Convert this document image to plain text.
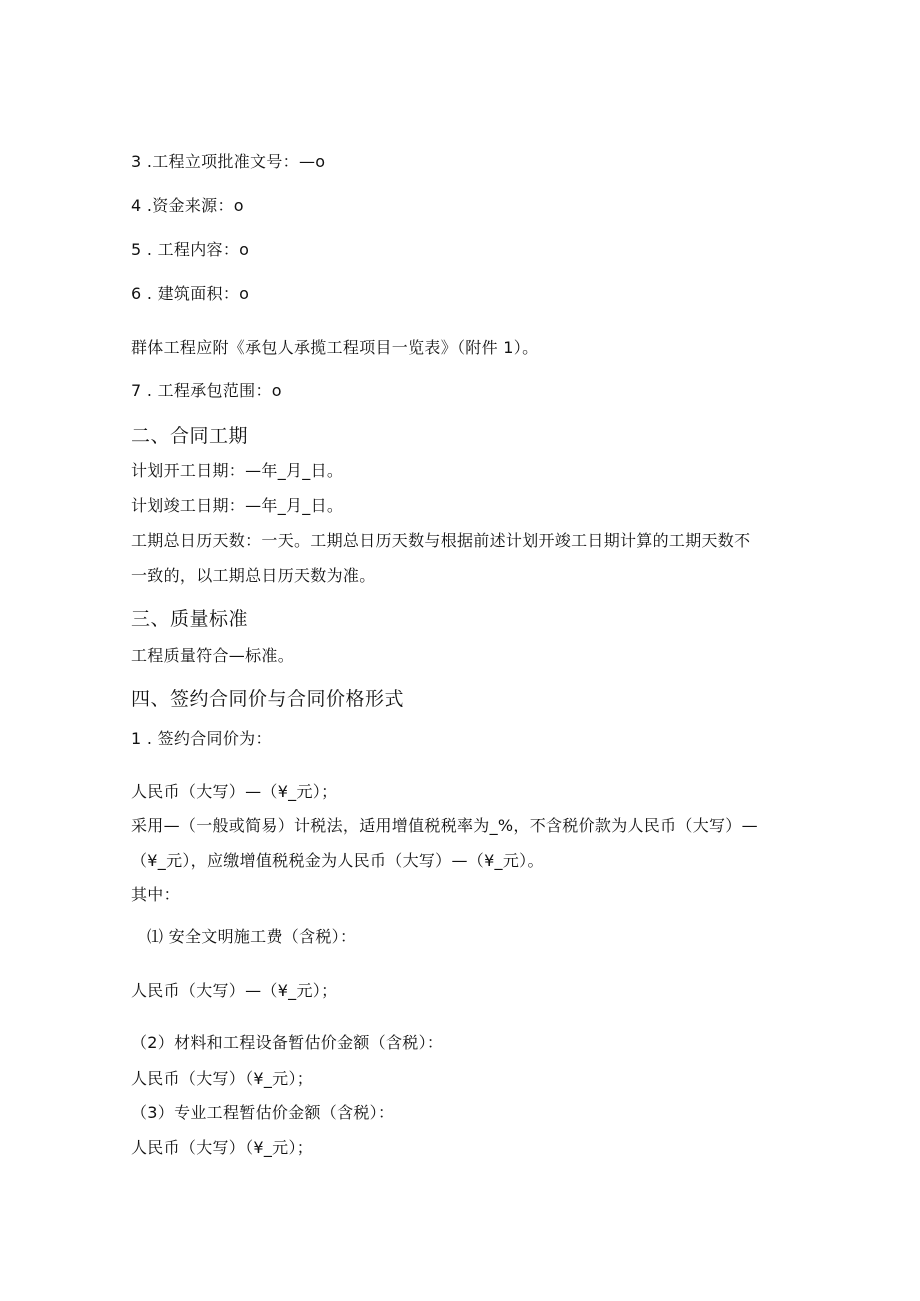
3 .工程立项批准文号：—o
4 .资金来源：o
5 . 工程内容：o
6 . 建筑面积：o
群体工程应附《承包人承揽工程项目一览表》（附件 1）。
7 . 工程承包范围：o
二、合同工期
计划开工日期：—年_月_日。
计划竣工日期：—年_月_日。
工期总日历天数：一天。工期总日历天数与根据前述计划开竣工日期计算的工期天数不
一致的，以工期总日历天数为准。
三、质量标准
工程质量符合—标准。
四、签约合同价与合同价格形式
1 . 签约合同价为：
人民币（大写）—（¥_元）；
采用—（一般或简易）计税法，适用增值税税率为_%，不含税价款为人民币（大写）—
（¥_元），应缴增值税税金为人民币（大写）—（¥_元）。
其中：
⑴ 安全文明施工费（含税）：
人民币（大写）—（¥_元）；
（2）材料和工程设备暂估价金额（含税）：
人民币（大写）（¥_元）；
（3）专业工程暂估价金额（含税）：
人民币（大写）（¥_元）；
